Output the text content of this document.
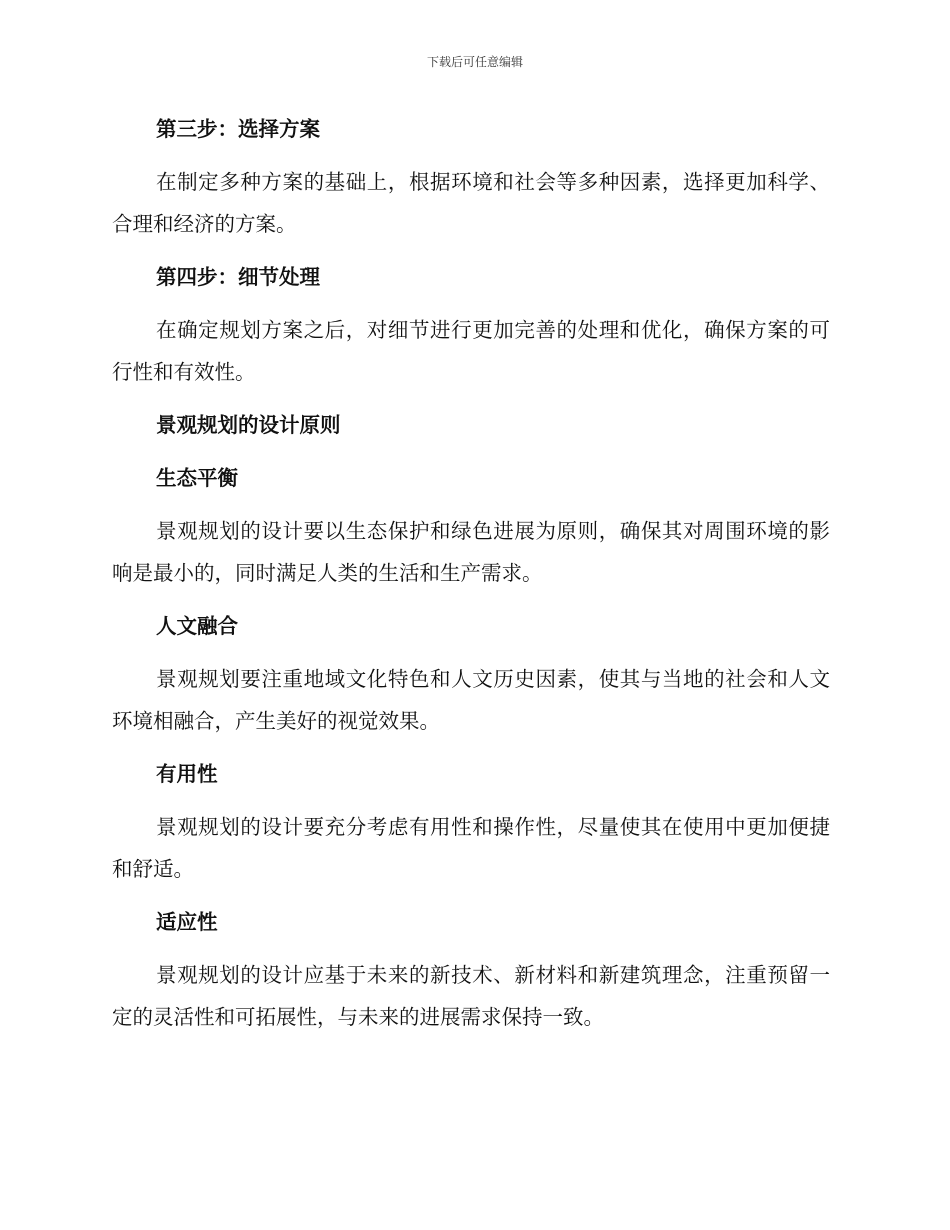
下载后可任意编辑

第三步：选择方案

在制定多种方案的基础上，根据环境和社会等多种因素，选择更加科学、合理和经济的方案。

第四步：细节处理

在确定规划方案之后，对细节进行更加完善的处理和优化，确保方案的可行性和有效性。

景观规划的设计原则

生态平衡

景观规划的设计要以生态保护和绿色进展为原则，确保其对周围环境的影响是最小的，同时满足人类的生活和生产需求。

人文融合

景观规划要注重地域文化特色和人文历史因素，使其与当地的社会和人文环境相融合，产生美好的视觉效果。

有用性

景观规划的设计要充分考虑有用性和操作性，尽量使其在使用中更加便捷和舒适。

适应性

景观规划的设计应基于未来的新技术、新材料和新建筑理念，注重预留一定的灵活性和可拓展性，与未来的进展需求保持一致。
